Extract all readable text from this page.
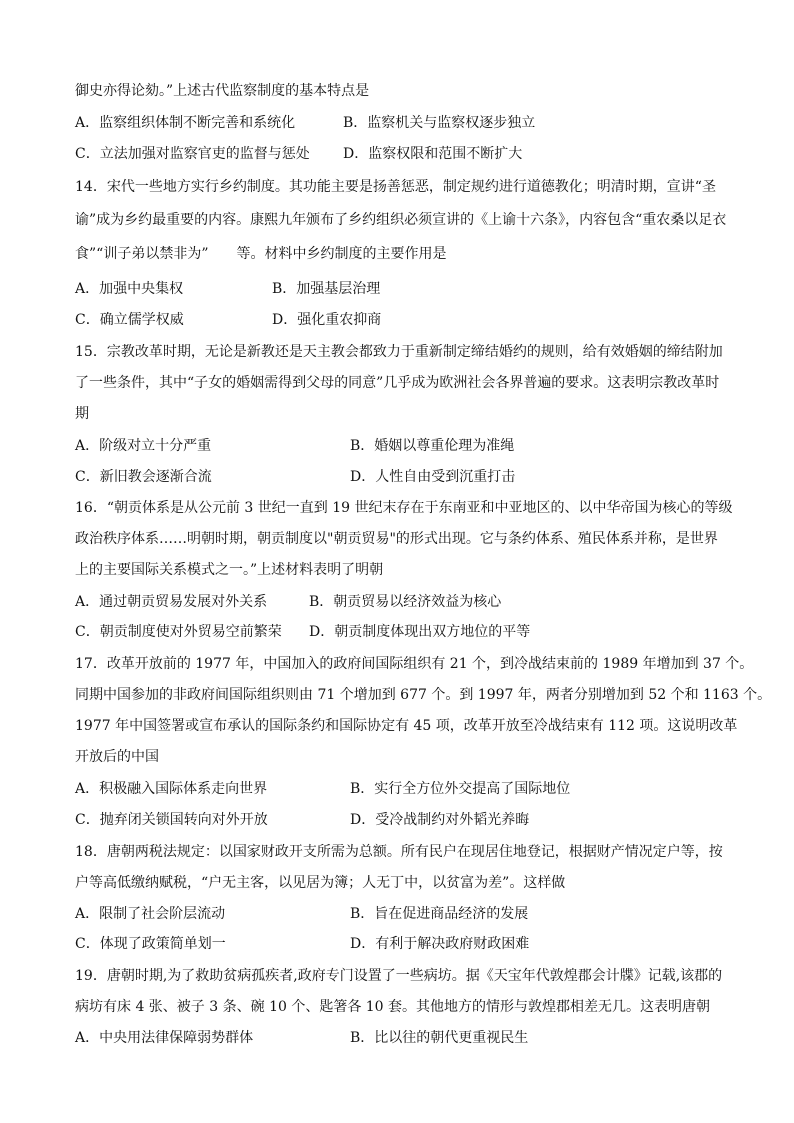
御史亦得论劾。”上述古代监察制度的基本特点是
A．监察组织体制不断完善和系统化	B．监察机关与监察权逐步独立
C．立法加强对监察官吏的监督与惩处 D．监察权限和范围不断扩大
14．宋代一些地方实行乡约制度。其功能主要是扬善惩恶，制定规约进行道德教化；明清时期，宣讲“圣
谕”成为乡约最重要的内容。康熙九年颁布了乡约组织必须宣讲的《上谕十六条》，内容包含“重农桑以足衣
食”“训子弟以禁非为”　　等。材料中乡约制度的主要作用是
A．加强中央集权	B．加强基层治理
C．确立儒学权威	D．强化重农抑商
15．宗教改革时期，无论是新教还是天主教会都致力于重新制定缔结婚约的规则，给有效婚姻的缔结附加
了一些条件，其中“子女的婚姻需得到父母的同意”几乎成为欧洲社会各界普遍的要求。这表明宗教改革时
期
A．阶级对立十分严重	B．婚姻以尊重伦理为准绳
C．新旧教会逐渐合流	D．人性自由受到沉重打击
16．“朝贡体系是从公元前 3 世纪一直到 19 世纪末存在于东南亚和中亚地区的、以中华帝国为核心的等级
政治秩序体系……明朝时期，朝贡制度以"朝贡贸易"的形式出现。它与条约体系、殖民体系并称，是世界
上的主要国际关系模式之一。”上述材料表明了明朝
A．通过朝贡贸易发展对外关系	B．朝贡贸易以经济效益为核心
C．朝贡制度使对外贸易空前繁荣 D．朝贡制度体现出双方地位的平等
17．改革开放前的 1977 年，中国加入的政府间国际组织有 21 个，到冷战结束前的 1989 年增加到 37 个。
同期中国参加的非政府间国际组织则由 71 个增加到 677 个。到 1997 年，两者分别增加到 52 个和 1163 个。
1977 年中国签署或宣布承认的国际条约和国际协定有 45 项，改革开放至冷战结束有 112 项。这说明改革
开放后的中国
A．积极融入国际体系走向世界	B．实行全方位外交提高了国际地位
C．抛弃闭关锁国转向对外开放	D．受冷战制约对外韬光养晦
18．唐朝两税法规定：以国家财政开支所需为总额。所有民户在现居住地登记，根据财产情况定户等，按
户等高低缴纳赋税，“户无主客，以见居为簿；人无丁中，以贫富为差”。这样做
A．限制了社会阶层流动	B．旨在促进商品经济的发展
C．体现了政策简单划一	D．有利于解决政府财政困难
19．唐朝时期,为了救助贫病孤疾者,政府专门设置了一些病坊。据《天宝年代敦煌郡会计牒》记载,该郡的
病坊有床 4 张、被子 3 条、碗 10 个、匙箸各 10 套。其他地方的情形与敦煌郡相差无几。这表明唐朝
A．中央用法律保障弱势群体	B．比以往的朝代更重视民生
